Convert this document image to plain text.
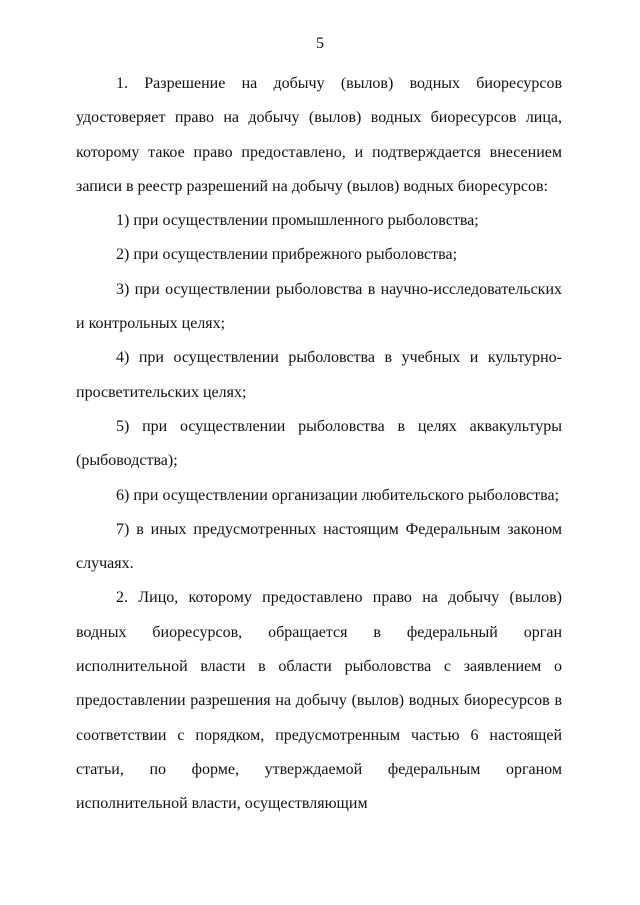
5

1. Разрешение на добычу (вылов) водных биоресурсов удостоверяет право на добычу (вылов) водных биоресурсов лица, которому такое право предоставлено, и подтверждается внесением записи в реестр разрешений на добычу (вылов) водных биоресурсов:

1) при осуществлении промышленного рыболовства;

2) при осуществлении прибрежного рыболовства;

3) при осуществлении рыболовства в научно-исследовательских и контрольных целях;

4) при осуществлении рыболовства в учебных и культурно-просветительских целях;

5) при осуществлении рыболовства в целях аквакультуры (рыбоводства);

6) при осуществлении организации любительского рыболовства;

7) в иных предусмотренных настоящим Федеральным законом случаях.

2. Лицо, которому предоставлено право на добычу (вылов) водных биоресурсов, обращается в федеральный орган исполнительной власти в области рыболовства с заявлением о предоставлении разрешения на добычу (вылов) водных биоресурсов в соответствии с порядком, предусмотренным частью 6 настоящей статьи, по форме, утверждаемой федеральным органом исполнительной власти, осуществляющим
